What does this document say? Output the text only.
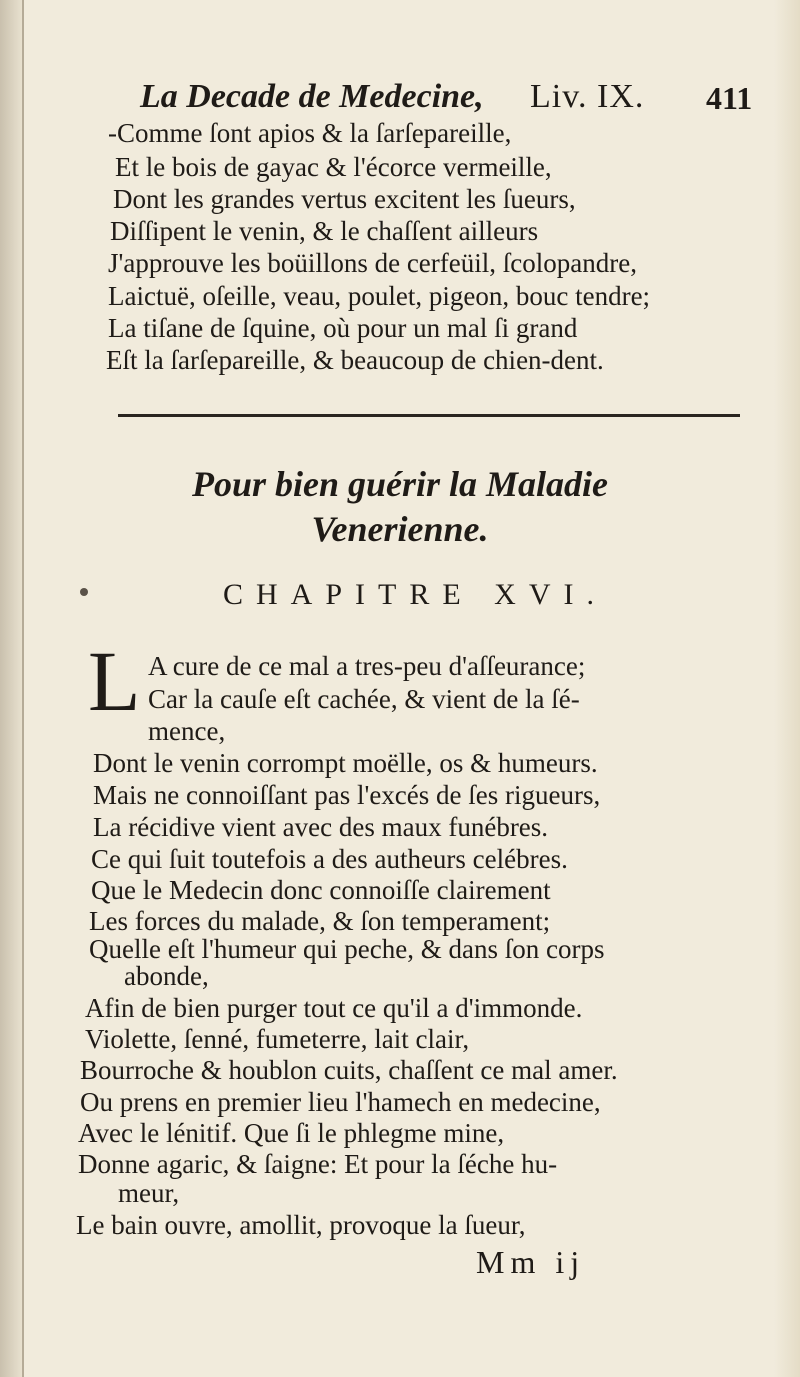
La Decade de Medecine, Liv. IX. 411
-Comme ſont apios & la ſarſepareille,
Et le bois de gayac & l'écorce vermeille,
Dont les grandes vertus excitent les ſueurs,
Diſſipent le venin, & le chaſſent ailleurs
J'approuve les boüillons de cerfeüil, ſcolopandre,
Laictuë, oſeille, veau, poulet, pigeon, bouc tendre;
La tiſane de ſquine, où pour un mal ſi grand
Eſt la ſarſepareille, & beaucoup de chien-dent.
Pour bien guérir la Maladie
Venerienne.
CHAPITRE XVI.
L A cure de ce mal a tres-peu d'aſſeurance;
Car la cauſe eſt cachée, & vient de la ſé-
mence,
Dont le venin corrompt moëlle, os & humeurs.
Mais ne connoiſſant pas l'excés de ſes rigueurs,
La récidive vient avec des maux funébres.
Ce qui ſuit toutefois a des autheurs celébres.
Que le Medecin donc connoiſſe clairement
Les forces du malade, & ſon temperament;
Quelle eſt l'humeur qui peche, & dans ſon corps
abonde,
Afin de bien purger tout ce qu'il a d'immonde.
Violette, ſenné, fumeterre, lait clair,
Bourroche & houblon cuits, chaſſent ce mal amer.
Ou prens en premier lieu l'hamech en medecine,
Avec le lénitif. Que ſi le phlegme mine,
Donne agaric, & ſaigne: Et pour la ſéche hu-
meur,
Le bain ouvre, amollit, provoque la ſueur,
Mm ij
